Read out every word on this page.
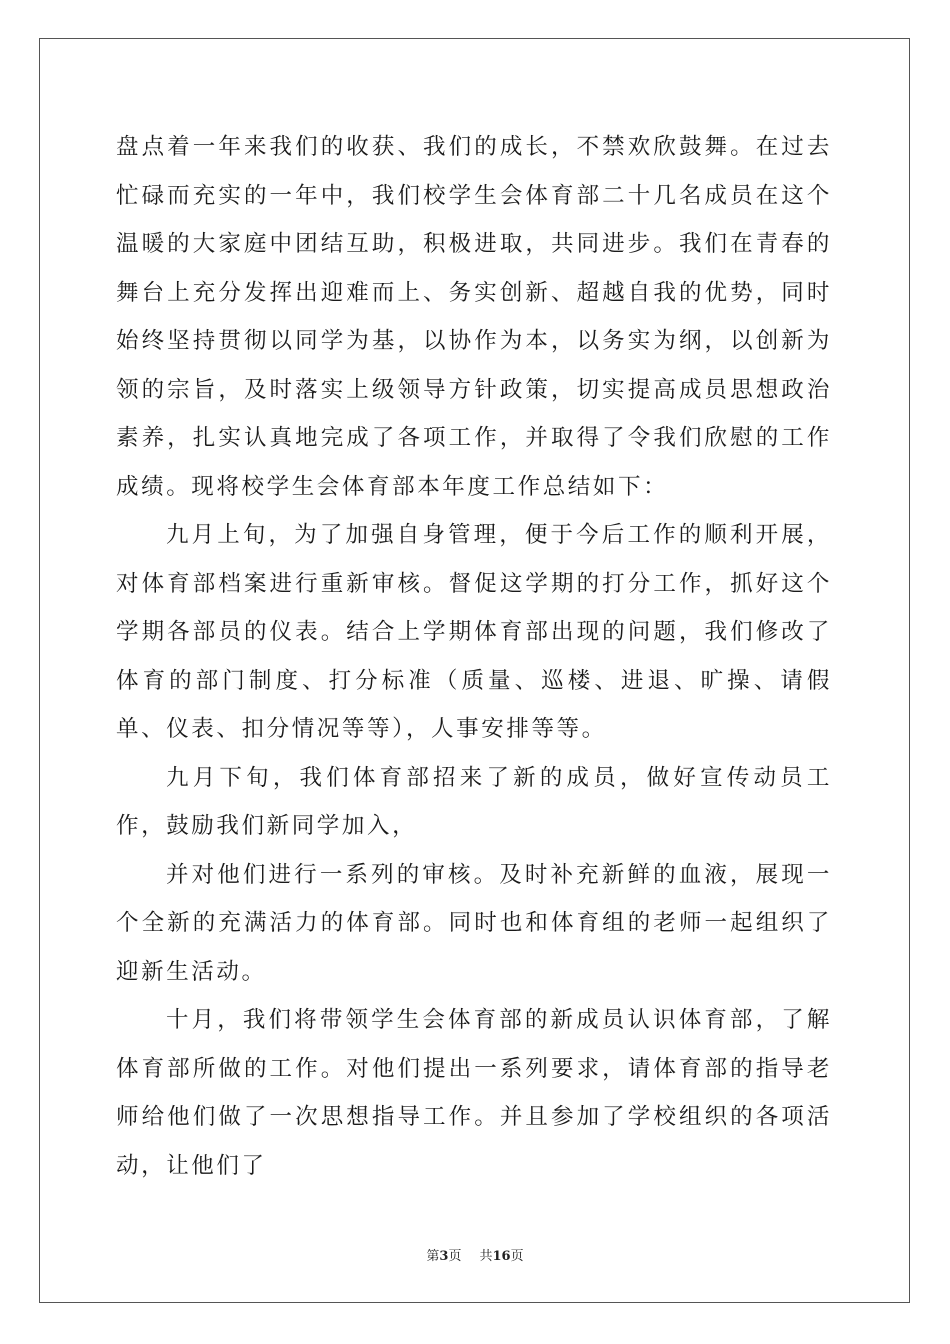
盘点着一年来我们的收获、我们的成长，不禁欢欣鼓舞。在过去忙碌而充实的一年中，我们校学生会体育部二十几名成员在这个温暖的大家庭中团结互助，积极进取，共同进步。我们在青春的舞台上充分发挥出迎难而上、务实创新、超越自我的优势，同时始终坚持贯彻以同学为基，以协作为本，以务实为纲，以创新为领的宗旨，及时落实上级领导方针政策，切实提高成员思想政治素养，扎实认真地完成了各项工作，并取得了令我们欣慰的工作成绩。现将校学生会体育部本年度工作总结如下：

九月上旬，为了加强自身管理，便于今后工作的顺利开展，对体育部档案进行重新审核。督促这学期的打分工作，抓好这个学期各部员的仪表。结合上学期体育部出现的问题，我们修改了体育的部门制度、打分标准（质量、巡楼、进退、旷操、请假单、仪表、扣分情况等等），人事安排等等。

九月下旬，我们体育部招来了新的成员，做好宣传动员工作，鼓励我们新同学加入，

并对他们进行一系列的审核。及时补充新鲜的血液，展现一个全新的充满活力的体育部。同时也和体育组的老师一起组织了迎新生活动。

十月，我们将带领学生会体育部的新成员认识体育部，了解体育部所做的工作。对他们提出一系列要求，请体育部的指导老师给他们做了一次思想指导工作。并且参加了学校组织的各项活动，让他们了

第3页 共16页
